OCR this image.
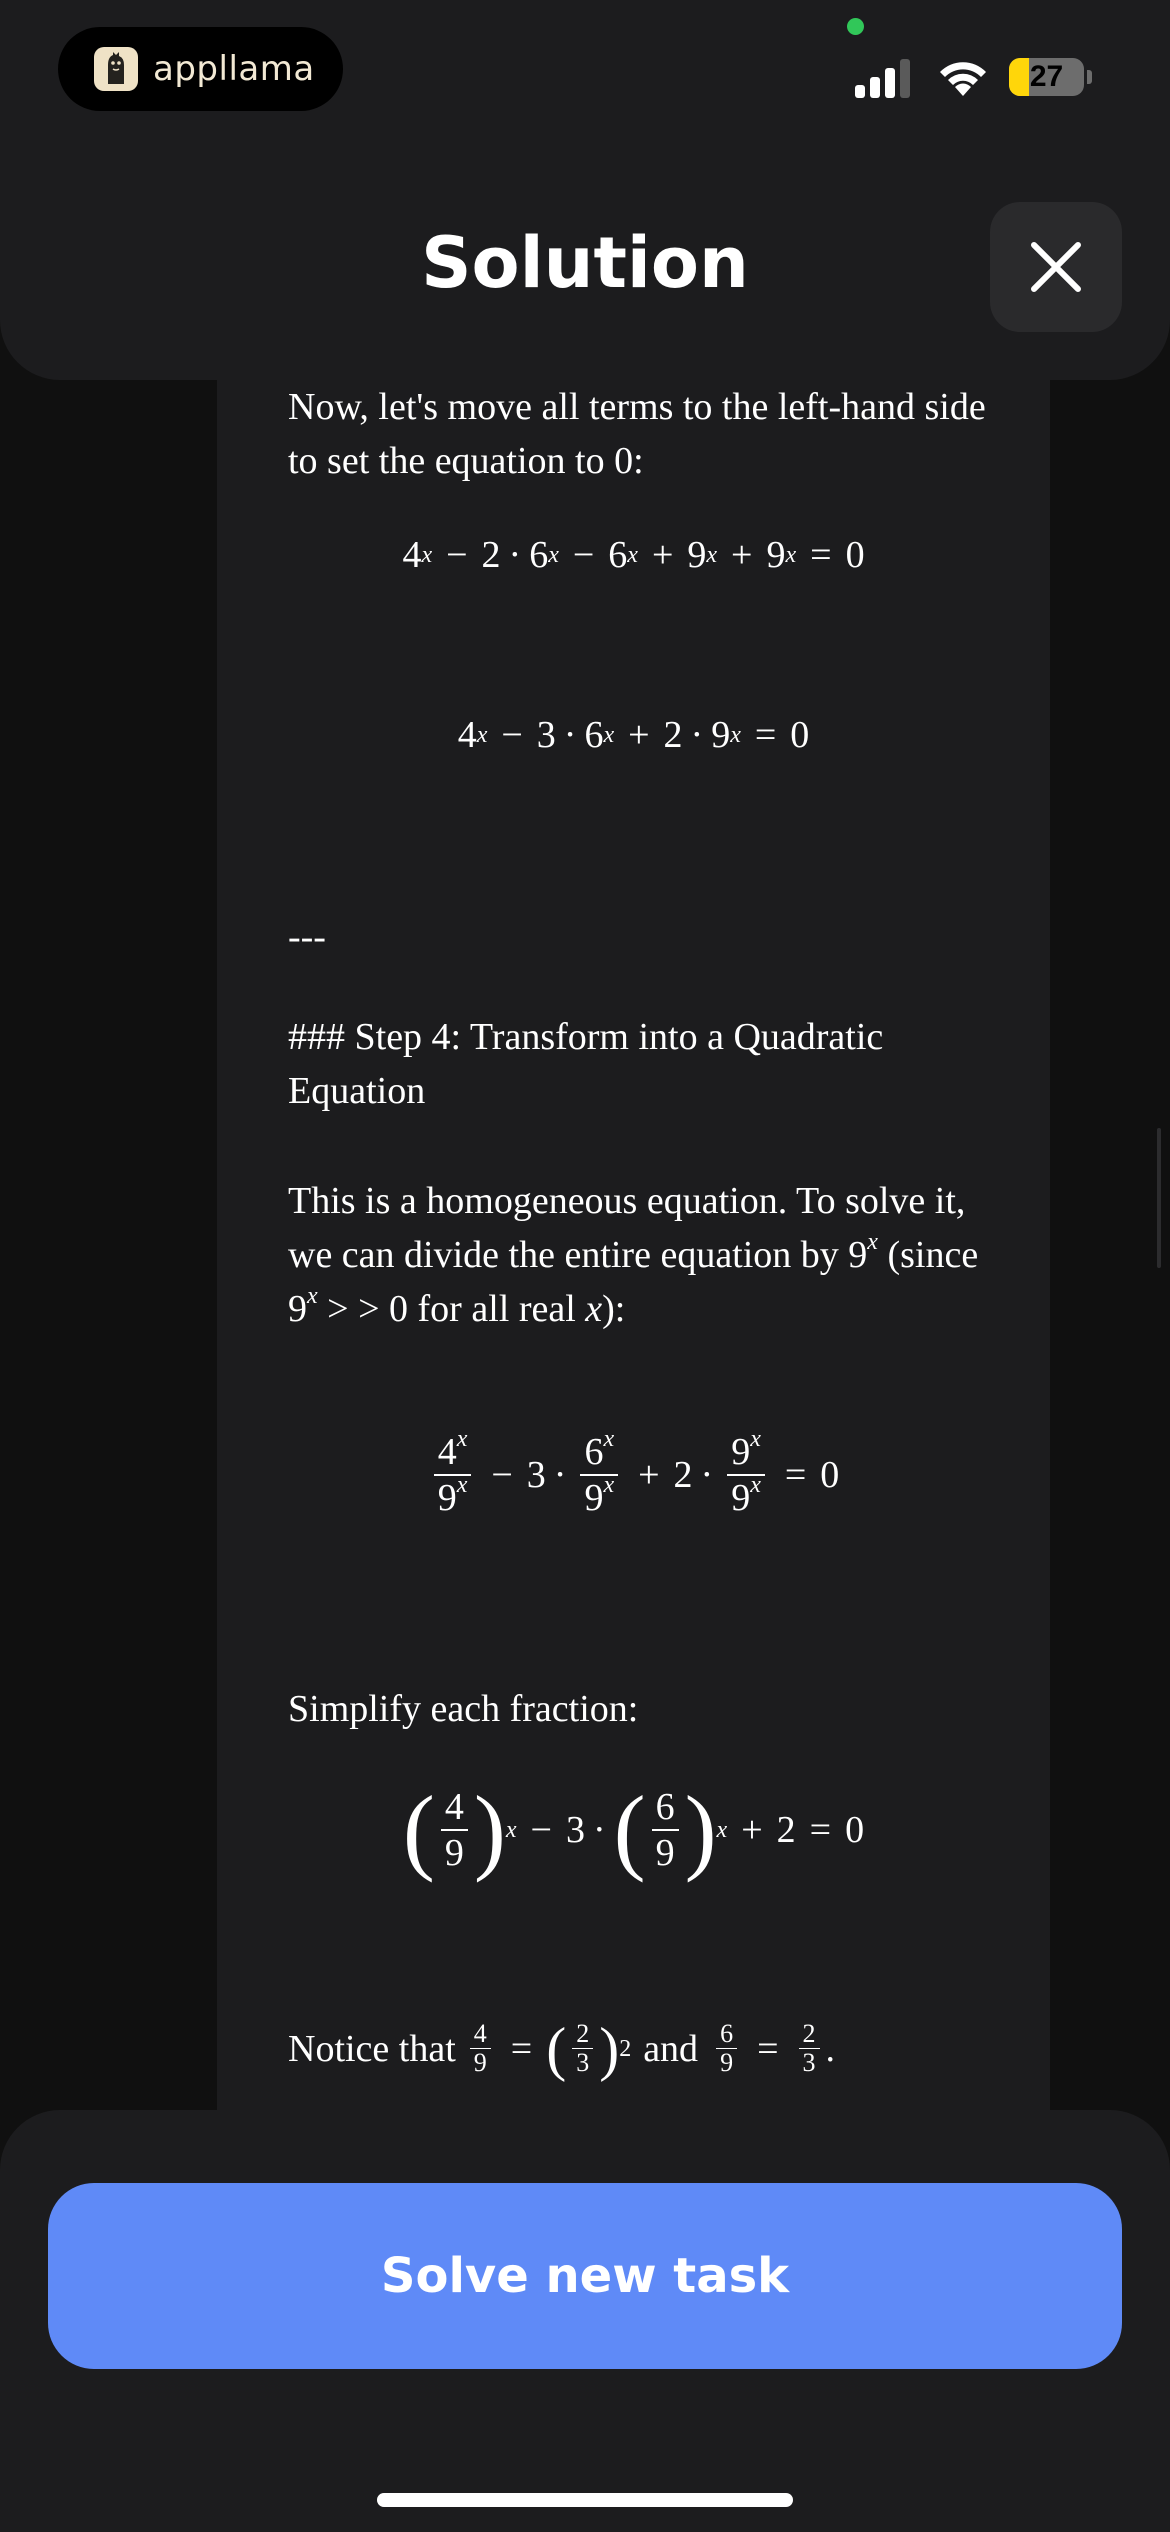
Now, let's move all terms to the left-hand side to set the equation to 0:
4 x − 2 · 6 x − 6 x + 9 x + 9 x = 0
4 x − 3 · 6 x + 2 · 9 x = 0
---
### Step 4: Transform into a Quadratic Equation
This is a homogeneous equation. To solve it, we can divide the entire equation by 9$^x$ (since $9^x$ > > 0 for all real x):
$\frac{4^x}{9^x} - 3 \cdot \frac{6^x}{9^x} + 2 \cdot \frac{9^x}{9^x} = 0$
Simplify each fraction:
( $\frac{4}{9}$ ) x − 3 · ( $\frac{6}{9}$ ) x + 2 = 0
Notice that $\frac{4}{9}$ = ( $\frac{2}{3}$ ) 2 and $\frac{6}{9} = \frac{2}{3}$ .
appllama	27
Solution
Solve new task
